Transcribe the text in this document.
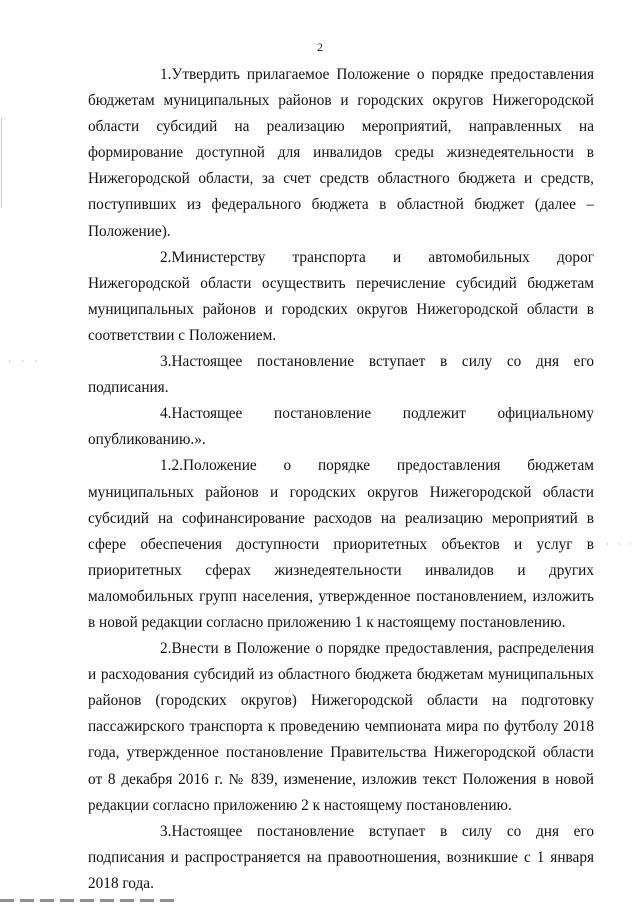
2
· · ·
· · ·

1.Утвердить прилагаемое Положение о порядке предоставления бюджетам муниципальных районов и городских округов Нижегородской области субсидий на реализацию мероприятий, направленных на формирование доступной для инвалидов среды жизнедеятельности в Нижегородской области, за счет средств областного бюджета и средств, поступивших из федерального бюджета в областной бюджет (далее – Положение).

2.Министерству транспорта и автомобильных дорог Нижегородской области осуществить перечисление субсидий бюджетам муниципальных районов и городских округов Нижегородской области в соответствии с Положением.

3.Настоящее постановление вступает в силу со дня его подписания.

4.Настоящее постановление подлежит официальному опубликованию.».

1.2.Положение о порядке предоставления бюджетам муниципальных районов и городских округов Нижегородской области субсидий на софинансирование расходов на реализацию мероприятий в сфере обеспечения доступности приоритетных объектов и услуг в приоритетных сферах жизнедеятельности инвалидов и других маломобильных групп населения, утвержденное постановлением, изложить в новой редакции согласно приложению 1 к настоящему постановлению.

2.Внести в Положение о порядке предоставления, распределения и расходования субсидий из областного бюджета бюджетам муниципальных районов (городских округов) Нижегородской области на подготовку пассажирского транспорта к проведению чемпионата мира по футболу 2018 года, утвержденное постановление Правительства Нижегородской области от 8 декабря 2016 г. № 839, изменение, изложив текст Положения в новой редакции согласно приложению 2 к настоящему постановлению.

3.Настоящее постановление вступает в силу со дня его подписания и распространяется на правоотношения, возникшие с 1 января 2018 года.
